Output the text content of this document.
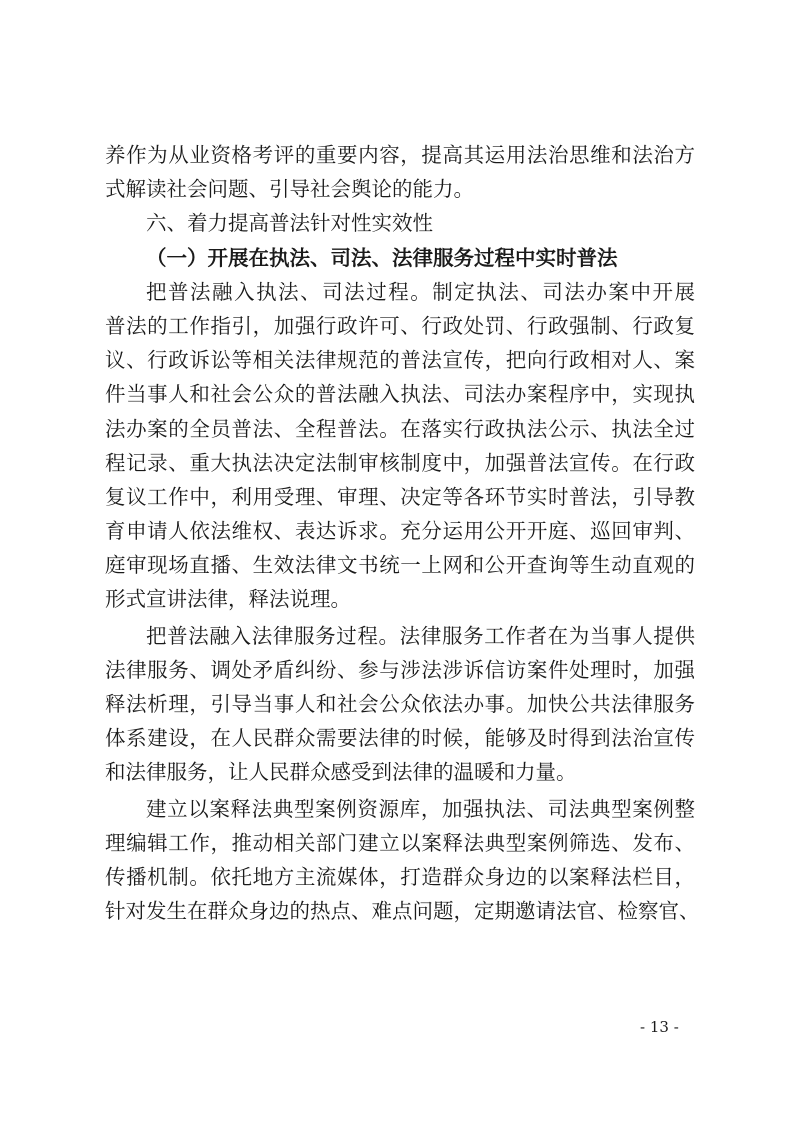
养作为从业资格考评的重要内容，提高其运用法治思维和法治方
式解读社会问题、引导社会舆论的能力。
六、着力提高普法针对性实效性
（一）开展在执法、司法、法律服务过程中实时普法
把普法融入执法、司法过程。制定执法、司法办案中开展
普法的工作指引，加强行政许可、行政处罚、行政强制、行政复
议、行政诉讼等相关法律规范的普法宣传，把向行政相对人、案
件当事人和社会公众的普法融入执法、司法办案程序中，实现执
法办案的全员普法、全程普法。在落实行政执法公示、执法全过
程记录、重大执法决定法制审核制度中，加强普法宣传。在行政
复议工作中，利用受理、审理、决定等各环节实时普法，引导教
育申请人依法维权、表达诉求。充分运用公开开庭、巡回审判、
庭审现场直播、生效法律文书统一上网和公开查询等生动直观的
形式宣讲法律，释法说理。
把普法融入法律服务过程。法律服务工作者在为当事人提供
法律服务、调处矛盾纠纷、参与涉法涉诉信访案件处理时，加强
释法析理，引导当事人和社会公众依法办事。加快公共法律服务
体系建设，在人民群众需要法律的时候，能够及时得到法治宣传
和法律服务，让人民群众感受到法律的温暖和力量。
建立以案释法典型案例资源库，加强执法、司法典型案例整
理编辑工作，推动相关部门建立以案释法典型案例筛选、发布、
传播机制。依托地方主流媒体，打造群众身边的以案释法栏目，
针对发生在群众身边的热点、难点问题，定期邀请法官、检察官、
- 13 -
